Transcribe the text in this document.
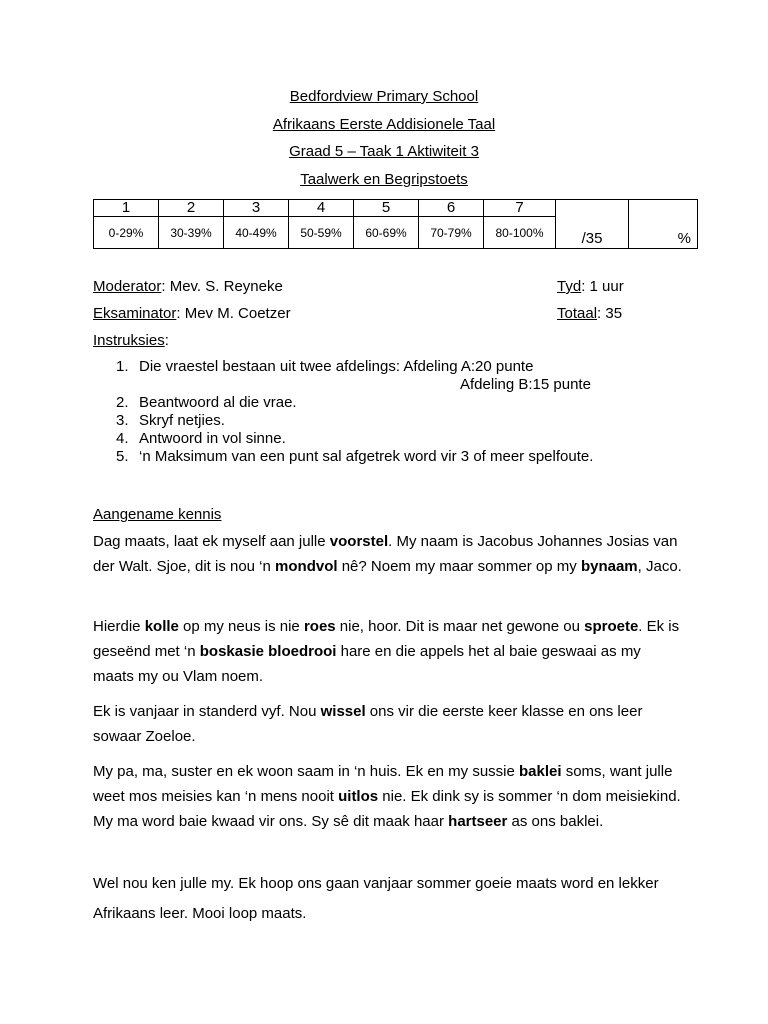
Bedfordview Primary School
Afrikaans Eerste Addisionele Taal
Graad 5 – Taak 1 Aktiwiteit 3
Taalwerk en Begripstoets
1	2	3	4	5	6	7	/35	%

0-29%	30-39%	40-49%	50-59%	60-69%	70-79%	80-100%		
Moderator: Mev. S. Reyneke	Tyd: 1 uur
Eksaminator: Mev M. Coetzer	Totaal: 35
Instruksies:
1. Die vraestel bestaan uit twee afdelings: Afdeling A:20 punte
Afdeling B:15 punte
2. Beantwoord al die vrae.
3. Skryf netjies.
4. Antwoord in vol sinne.
5. ‘n Maksimum van een punt sal afgetrek word vir 3 of meer spelfoute.
Aangename kennis
Dag maats, laat ek myself aan julle voorstel. My naam is Jacobus Johannes Josias van der Walt. Sjoe, dit is nou ‘n mondvol nê? Noem my maar sommer op my bynaam, Jaco.
Hierdie kolle op my neus is nie roes nie, hoor. Dit is maar net gewone ou sproete. Ek is geseënd met ‘n boskasie bloedrooi hare en die appels het al baie geswaai as my maats my ou Vlam noem.
Ek is vanjaar in standerd vyf. Nou wissel ons vir die eerste keer klasse en ons leer sowaar Zoeloe.
My pa, ma, suster en ek woon saam in ‘n huis. Ek en my sussie baklei soms, want julle weet mos meisies kan ‘n mens nooit uitlos nie. Ek dink sy is sommer ‘n dom meisiekind. My ma word baie kwaad vir ons. Sy sê dit maak haar hartseer as ons baklei.
Wel nou ken julle my. Ek hoop ons gaan vanjaar sommer goeie maats word en lekker Afrikaans leer. Mooi loop maats.
